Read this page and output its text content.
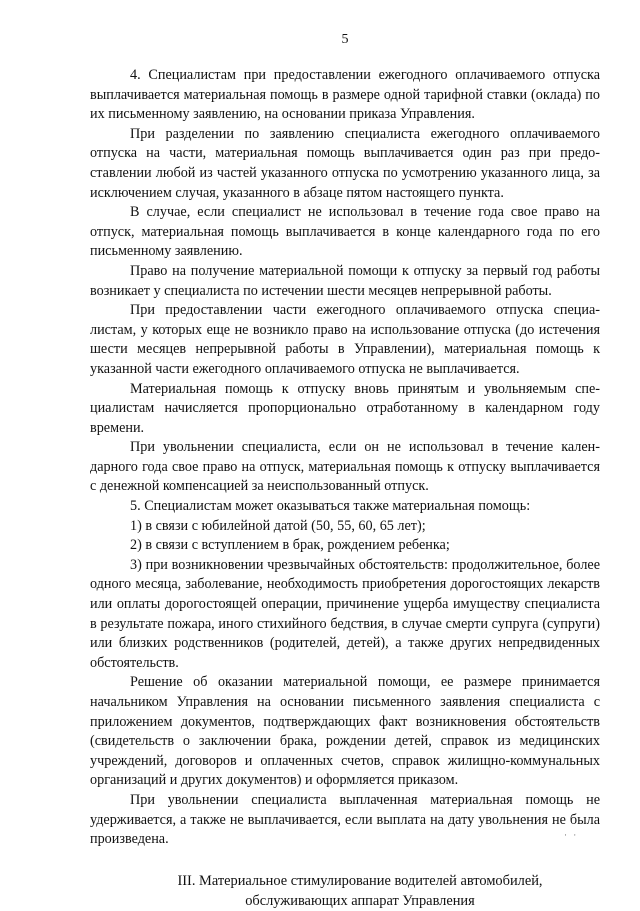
5

4. Специалистам при предоставлении ежегодного оплачиваемого отпуска выплачивается материальная помощь в размере одной тарифной ставки (оклада) по их письменному заявлению, на основании приказа Управления.

При разделении по заявлению специалиста ежегодного оплачиваемого отпуска на части, материальная помощь выплачивается один раз при предоставлении любой из частей указанного отпуска по усмотрению указанного лица, за исключением случая, указанного в абзаце пятом настоящего пункта.

В случае, если специалист не использовал в течение года свое право на отпуск, материальная помощь выплачивается в конце календарного года по его письменному заявлению.

Право на получение материальной помощи к отпуску за первый год работы возникает у специалиста по истечении шести месяцев непрерывной работы.

При предоставлении части ежегодного оплачиваемого отпуска специалистам, у которых еще не возникло право на использование отпуска (до истечения шести месяцев непрерывной работы в Управлении), материальная помощь к указанной части ежегодного оплачиваемого отпуска не выплачивается.

Материальная помощь к отпуску вновь принятым и увольняемым специалистам начисляется пропорционально отработанному в календарном году времени.

При увольнении специалиста, если он не использовал в течение календарного года свое право на отпуск, материальная помощь к отпуску выплачивается с денежной компенсацией за неиспользованный отпуск.

5. Специалистам может оказываться также материальная помощь:

1) в связи с юбилейной датой (50, 55, 60, 65 лет);

2) в связи с вступлением в брак, рождением ребенка;

3) при возникновении чрезвычайных обстоятельств: продолжительное, более одного месяца, заболевание, необходимость приобретения дорогостоящих лекарств или оплаты дорогостоящей операции, причинение ущерба имуществу специалиста в результате пожара, иного стихийного бедствия, в случае смерти супруга (супруги) или близких родственников (родителей, детей), а также других непредвиденных обстоятельств.

Решение об оказании материальной помощи, ее размере принимается начальником Управления на основании письменного заявления специалиста с приложением документов, подтверждающих факт возникновения обстоятельств (свидетельств о заключении брака, рождении детей, справок из медицинских учреждений, договоров и оплаченных счетов, справок жилищно-коммунальных организаций и других документов) и оформляется приказом.

При увольнении специалиста выплаченная материальная помощь не удерживается, а также не выплачивается, если выплата на дату увольнения не была произведена.

III. Материальное стимулирование водителей автомобилей,
обслуживающих аппарат Управления
· ·
